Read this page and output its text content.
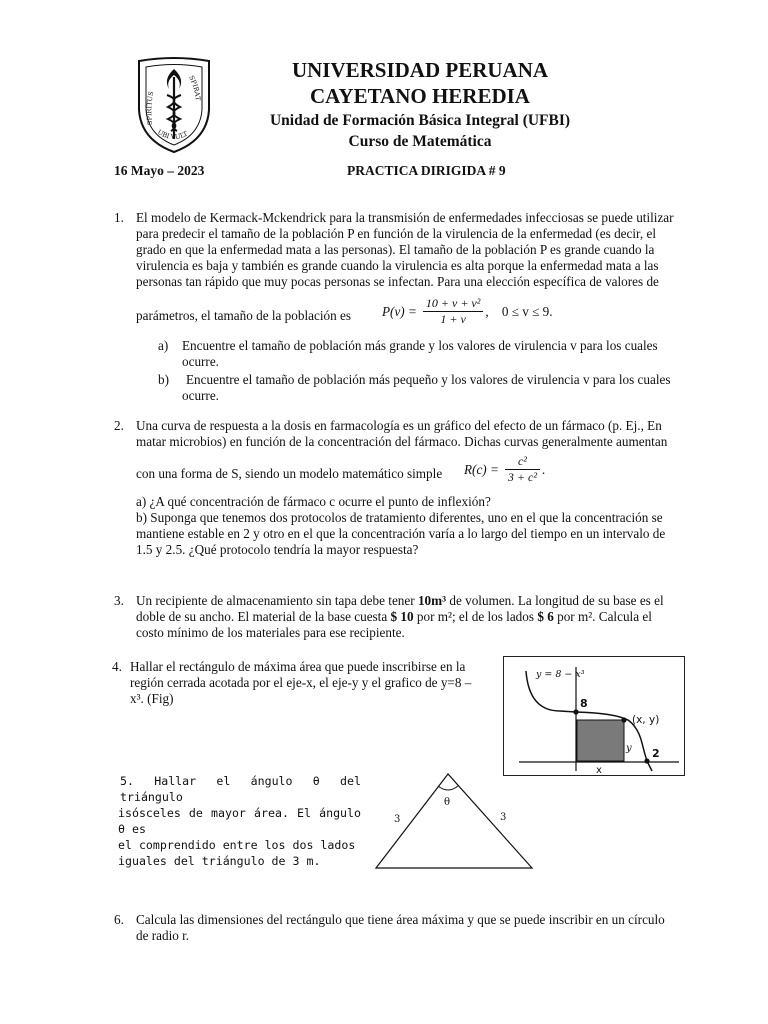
SPIRITUS
UBI VULT
SPIRAT
UNIVERSIDAD PERUANA
CAYETANO HEREDIA
Unidad de Formación Básica Integral (UFBI)
Curso de Matemática
16 Mayo – 2023	PRACTICA DIRIGIDA # 9
1. El modelo de Kermack-Mckendrick para la transmisión de enfermedades infecciosas se puede utilizar
para predecir el tamaño de la población P en función de la virulencia de la enfermedad (es decir, el
grado en que la enfermedad mata a las personas). El tamaño de la población P es grande cuando la
virulencia es baja y también es grande cuando la virulencia es alta porque la enfermedad mata a las
personas tan rápido que muy pocas personas se infectan. Para una elección específica de valores de
parámetros, el tamaño de la población es $P(v) = \frac{\text{10 + v + v²}}{1 + v}$ ,    0 ≤ v ≤ 9.
a)	Encuentre el tamaño de población más grande y los valores de virulencia v para los cuales
ocurre.
b)	Encuentre el tamaño de población más pequeño y los valores de virulencia v para los cuales
ocurre.
2. Una curva de respuesta a la dosis en farmacología es un gráfico del efecto de un fármaco (p. Ej., En
matar microbios) en función de la concentración del fármaco. Dichas curvas generalmente aumentan
con una forma de S, siendo un modelo matemático simple $R(c) = \frac{\text{c²}}{\text{3 + c²}}$ .
a) ¿A qué concentración de fármaco c ocurre el punto de inflexión?
b) Suponga que tenemos dos protocolos de tratamiento diferentes, uno en el que la concentración se
mantiene estable en 2 y otro en el que la concentración varía a lo largo del tiempo en un intervalo de
1.5 y 2.5. ¿Qué protocolo tendría la mayor respuesta?
3. Un recipiente de almacenamiento sin tapa debe tener 10m³ de volumen. La longitud de su base es el
doble de su ancho. El material de la base cuesta $ 10 por m²; el de los lados $ 6 por m². Calcula el
costo mínimo de los materiales para ese recipiente.
4. Hallar el rectángulo de máxima área que puede inscribirse en la
región cerrada acotada por el eje-x, el eje-y y el grafico de y=8 –
x³. (Fig)
y = 8 − x³
8
(x, y)
y 2
x
5. Hallar el ángulo θ del triángulo
isósceles de mayor área. El ángulo θ es
el comprendido entre los dos lados
iguales del triángulo de 3 m.
θ
3	3
6. Calcula las dimensiones del rectángulo que tiene área máxima y que se puede inscribir en un círculo
de radio r.
